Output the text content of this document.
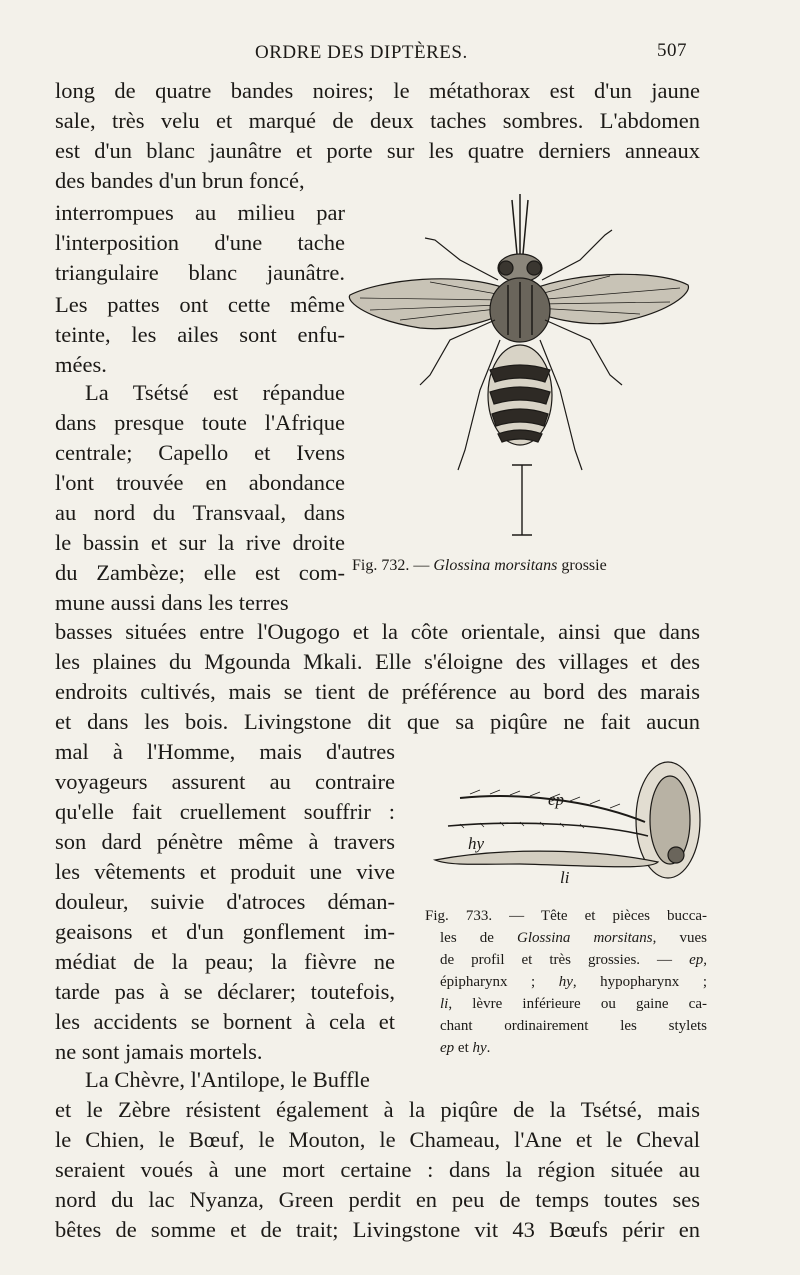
ORDRE DES DIPTÈRES.	507
long de quatre bandes noires; le métathorax est d'un jaune
sale, très velu et marqué de deux taches sombres. L'abdomen
est d'un blanc jaunâtre et porte sur les quatre derniers anneaux
des bandes d'un brun foncé,
interrompues au milieu par
l'interposition d'une tache
triangulaire blanc jaunâtre.
Les pattes ont cette même
teinte, les ailes sont enfu-
mées.
La Tsétsé est répandue
dans presque toute l'Afrique
centrale; Capello et Ivens
l'ont trouvée en abondance
au nord du Transvaal, dans
le bassin et sur la rive droite
du Zambèze; elle est com-
mune aussi dans les terres
basses situées entre l'Ougogo et la côte orientale, ainsi que dans
les plaines du Mgounda Mkali. Elle s'éloigne des villages et des
endroits cultivés, mais se tient de préférence au bord des marais
et dans les bois. Livingstone dit que sa piqûre ne fait aucun
mal à l'Homme, mais d'autres
voyageurs assurent au contraire
qu'elle fait cruellement souffrir :
son dard pénètre même à travers
les vêtements et produit une vive
douleur, suivie d'atroces déman-
geaisons et d'un gonflement im-
médiat de la peau; la fièvre ne
tarde pas à se déclarer; toutefois,
les accidents se bornent à cela et
ne sont jamais mortels.
La Chèvre, l'Antilope, le Buffle
et le Zèbre résistent également à la piqûre de la Tsétsé, mais
le Chien, le Bœuf, le Mouton, le Chameau, l'Ane et le Cheval
seraient voués à une mort certaine : dans la région située au
nord du lac Nyanza, Green perdit en peu de temps toutes ses
bêtes de somme et de trait; Livingstone vit 43 Bœufs périr en
Fig. 732. — Glossina morsitans grossie
ep
hy
li
Fig. 733. — Tête et pièces bucca-
les de Glossina morsitans, vues
de profil et très grossies. — ep,
épipharynx ; hy, hypopharynx ;
li, lèvre inférieure ou gaine ca-
chant ordinairement les stylets
ep et hy.
